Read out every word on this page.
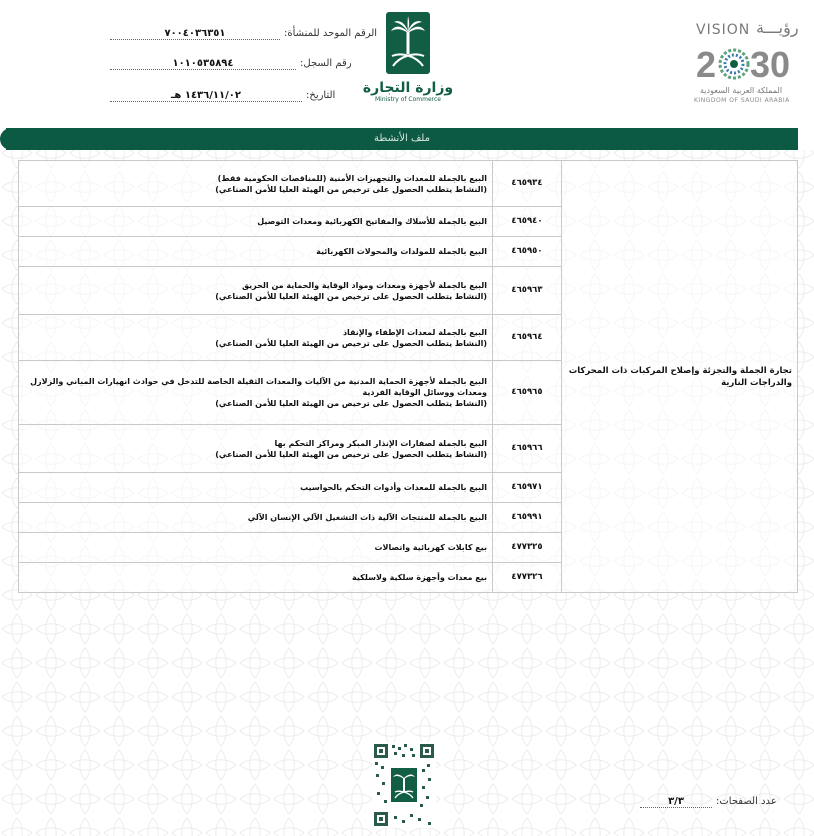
الرقم الموحد للمنشأة:
٧٠٠٤٠٣٦٣٥١
رقم السجل:
١٠١٠٥٣٥٨٩٤
التاريخ:
١٤٣٦/١١/٠٢ هـ	وزارة التجارة
Ministry of Commerce
VISION رؤيـــة
2 30
المملكة العربية السعودية
KINGDOM OF SAUDI ARABIA
ملف الأنشطة
تجارة الجملة والتجزئة وإصلاح المركبات ذات المحركات والدراجات النارية	٤٦٥٩٣٤	البيع بالجملة للمعدات والتجهيزات الأمنية (للمناقصات الحكومية فقط)
(النشاط يتطلب الحصول على ترخيص من الهيئة العليا للأمن الصناعي)

	٤٦٥٩٤٠	البيع بالجملة للأسلاك والمفاتيح الكهربائية ومعدات التوصيل

	٤٦٥٩٥٠	البيع بالجملة للمولدات والمحولات الكهربائية

	٤٦٥٩٦٣	البيع بالجملة لأجهزة ومعدات ومواد الوقاية والحماية من الحريق
(النشاط يتطلب الحصول على ترخيص من الهيئة العليا للأمن الصناعي)

	٤٦٥٩٦٤	البيع بالجملة لمعدات الإطفاء والإنقاذ
(النشاط يتطلب الحصول على ترخيص من الهيئة العليا للأمن الصناعي)

	٤٦٥٩٦٥	البيع بالجملة لأجهزة الحماية المدنية من الآليات والمعدات الثقيلة الخاصة للتدخل في حوادث انهيارات المباني والزلازل ومعدات ووسائل الوقاية الفردية
(النشاط يتطلب الحصول على ترخيص من الهيئة العليا للأمن الصناعي)

	٤٦٥٩٦٦	البيع بالجملة لصفارات الإنذار المبكر ومراكز التحكم بها
(النشاط يتطلب الحصول على ترخيص من الهيئة العليا للأمن الصناعي)

	٤٦٥٩٧١	البيع بالجملة للمعدات وأدوات التحكم بالحواسيب

	٤٦٥٩٩١	البيع بالجملة للمنتجات الآلية ذات التشغيل الآلي الإنسان الآلي

	٤٧٧٣٢٥	بيع كابلات كهربائية واتصالات

	٤٧٧٣٢٦	بيع معدات وأجهزة سلكية ولاسلكية
عدد الصفحات:
٣/٣
